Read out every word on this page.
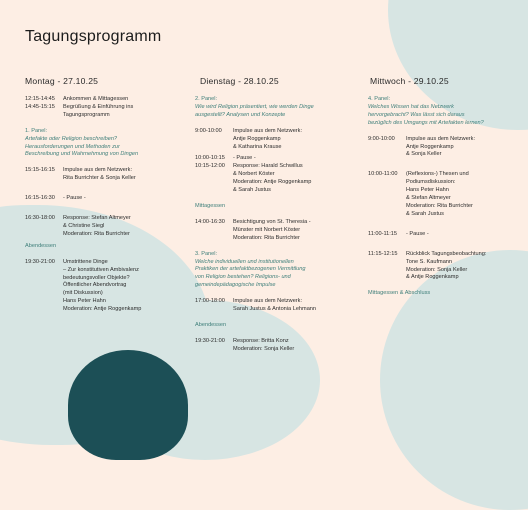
Tagungsprogramm
Montag - 27.10.25	Dienstag - 28.10.25	Mittwoch - 29.10.25
12:15-14:45	Ankommen & Mittagessen
14:45-15:15	Begrüßung & Einführung ins
Tagungsprogramm
1. Panel:
Artefakte oder Religion beschreiben?
Herausforderungen und Methoden zur
Beschreibung und Wahrnehmung von Dingen
15:15-16:15	Impulse aus dem Netzwerk:
Rita Burrichter & Sonja Keller
16:15-16:30	- Pause -
16:30-18:00	Response: Stefan Altmeyer
& Christine Siegl
Moderation: Rita Burrichter
Abendessen
19:30-21:00	Umstrittene Dinge
– Zur konstitutiven Ambivalenz
bedeutungsvoller Objekte?
Öffentlicher Abendvortrag
(mit Diskussion)
Hans Peter Hahn
Moderation: Antje Roggenkamp
2. Panel:
Wie wird Religion präsentiert, wie werden Dinge
ausgestellt? Analysen und Konzepte
9:00-10:00	Impulse aus dem Netzwerk:
Antje Roggenkamp
& Katharina Krause
10:00-10:15	- Pause -
10:15-12:00	Response: Harald Schwillus
& Norbert Köster
Moderation: Antje Roggenkamp
& Sarah Justus
Mittagessen
14:00-16:30	Besichtigung von St. Theresia -
Münster mit Norbert Köster
Moderation: Rita Burrichter
3. Panel:
Welche individuellen und institutionellen
Praktiken der artefaktbezogenen Vermittlung
von Religion bestehen? Religions- und
gemeindepädagogische Impulse
17:00-18:00	Impulse aus dem Netzwerk:
Sarah Justus & Antonia Lehmann
Abendessen
19:30-21:00	Response: Britta Konz
Moderation: Sonja Keller
4. Panel:
Welches Wissen hat das Netzwerk
hervorgebracht? Was lässt sich daraus
bezüglich des Umgangs mit Artefakten lernen?
9:00-10:00	Impulse aus dem Netzwerk:
Antje Roggenkamp
& Sonja Keller
10:00-11:00	(Reflexions-) Thesen und
Podiumsdiskussion:
Hans Peter Hahn
& Stefan Altmeyer
Moderation: Rita Burrichter
& Sarah Justus
11:00-11:15	- Pause -
11:15-12:15	Rückblick Tagungsbeobachtung:
Tone S. Kaufmann
Moderation: Sonja Keller
& Antje Roggenkamp
Mittagessen & Abschluss
